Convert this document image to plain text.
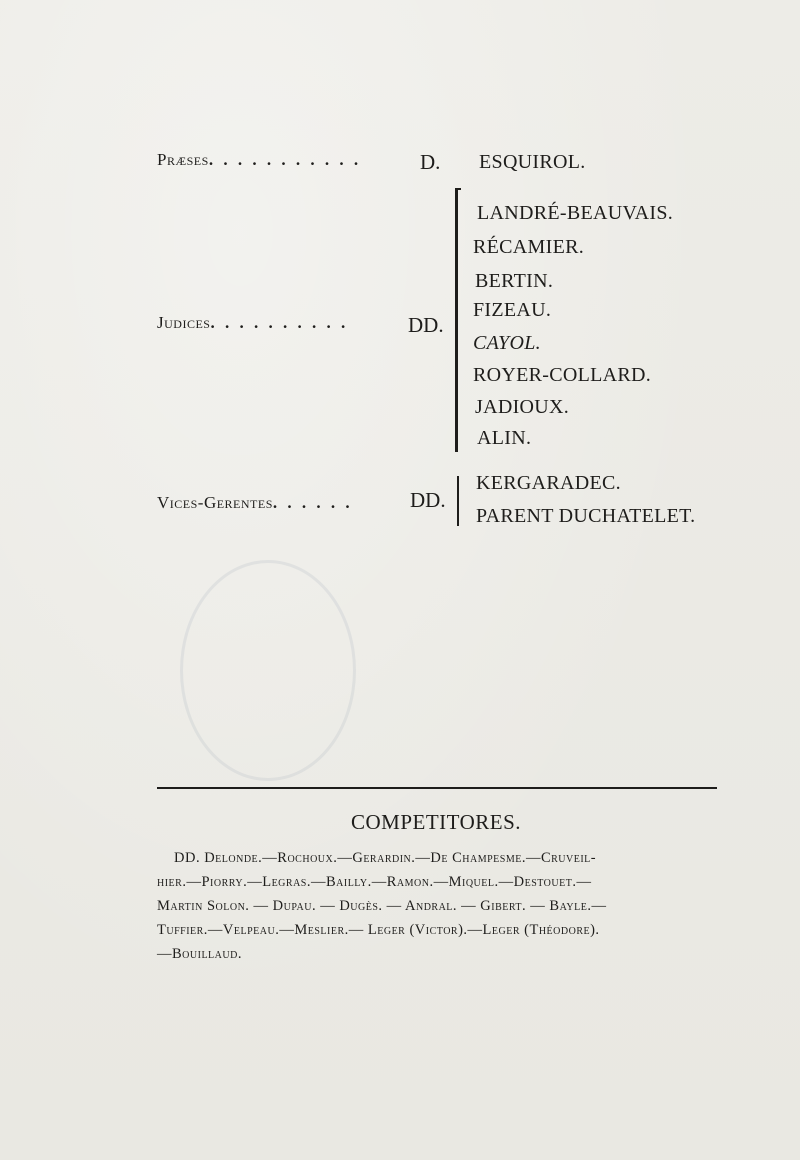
Præses. . . . . . . . . . .	D. ESQUIROL.
Judices. . . . . . . . . .	DD.
LANDRÉ-BEAUVAIS.
RÉCAMIER.
BERTIN.
FIZEAU.
CAYOL.
ROYER-COLLARD.
JADIOUX.
ALIN.
Vices-Gerentes. . . . . .	DD.
KERGARADEC.
PARENT DUCHATELET.
COMPETITORES.
DD. Delonde.—Rochoux.—Gerardin.—De Champesme.—Cruveil-
hier.—Piorry.—Legras.—Bailly.—Ramon.—Miquel.—Destouet.—
Martin Solon. — Dupau. — Dugès. — Andral. — Gibert. — Bayle.—
Tuffier.—Velpeau.—Meslier.— Leger (Victor).—Leger (Théodore).
—Bouillaud.
